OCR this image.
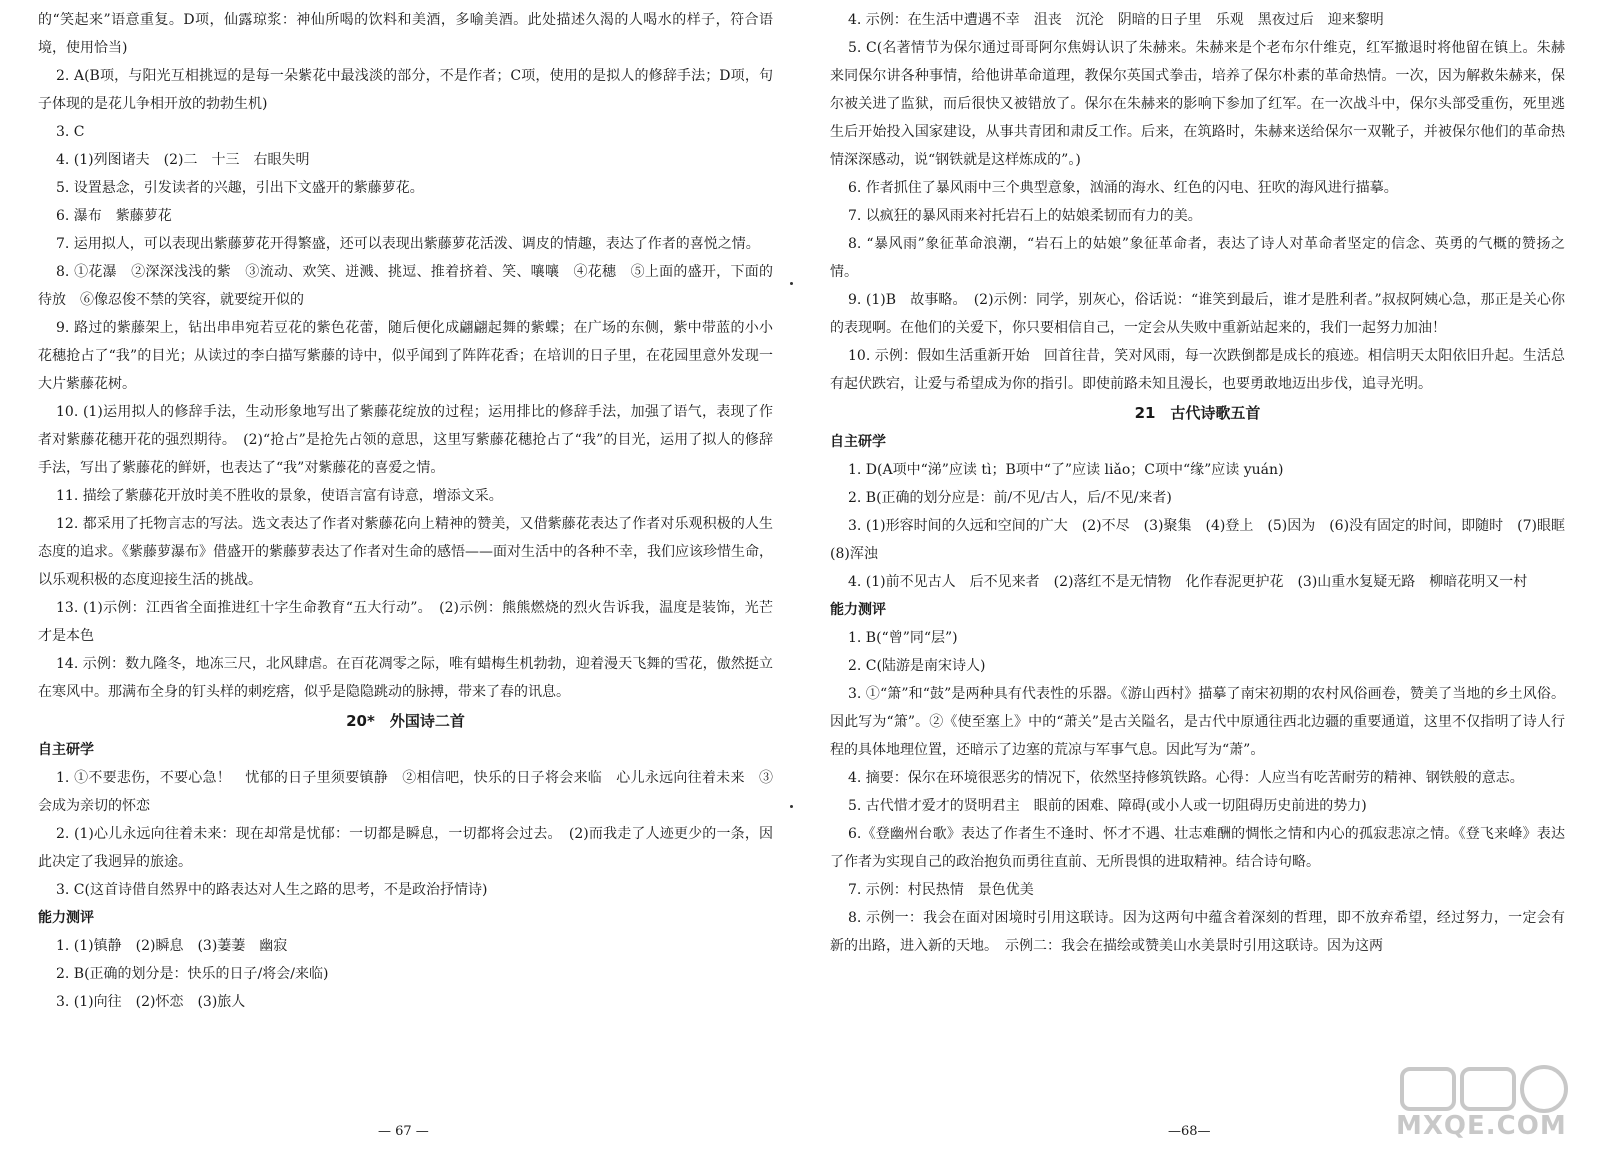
的“笑起来”语意重复。D项，仙露琼浆：神仙所喝的饮料和美酒，多喻美酒。此处描述久渴的人喝水的样子，符合语境，使用恰当)

2. A(B项，与阳光互相挑逗的是每一朵紫花中最浅淡的部分，不是作者；C项，使用的是拟人的修辞手法；D项，句子体现的是花儿争相开放的勃勃生机)

3. C

4. (1)列图诸夫　(2)二　十三　右眼失明

5. 设置悬念，引发读者的兴趣，引出下文盛开的紫藤萝花。

6. 瀑布　紫藤萝花

7. 运用拟人，可以表现出紫藤萝花开得繁盛，还可以表现出紫藤萝花活泼、调皮的情趣，表达了作者的喜悦之情。

8. ①花瀑　②深深浅浅的紫　③流动、欢笑、迸溅、挑逗、推着挤着、笑、嚷嚷　④花穗　⑤上面的盛开，下面的待放　⑥像忍俊不禁的笑容，就要绽开似的

9. 路过的紫藤架上，钻出串串宛若豆花的紫色花蕾，随后便化成翩翩起舞的紫蝶；在广场的东侧，紫中带蓝的小小花穗抢占了“我”的目光；从读过的李白描写紫藤的诗中，似乎闻到了阵阵花香；在培训的日子里，在花园里意外发现一大片紫藤花树。

10. (1)运用拟人的修辞手法，生动形象地写出了紫藤花绽放的过程；运用排比的修辞手法，加强了语气，表现了作者对紫藤花穗开花的强烈期待。　(2)“抢占”是抢先占领的意思，这里写紫藤花穗抢占了“我”的目光，运用了拟人的修辞手法，写出了紫藤花的鲜妍，也表达了“我”对紫藤花的喜爱之情。

11. 描绘了紫藤花开放时美不胜收的景象，使语言富有诗意，增添文采。

12. 都采用了托物言志的写法。选文表达了作者对紫藤花向上精神的赞美，又借紫藤花表达了作者对乐观积极的人生态度的追求。《紫藤萝瀑布》借盛开的紫藤萝表达了作者对生命的感悟——面对生活中的各种不幸，我们应该珍惜生命，以乐观积极的态度迎接生活的挑战。

13. (1)示例：江西省全面推进红十字生命教育“五大行动”。　(2)示例：熊熊燃烧的烈火告诉我，温度是装饰，光芒才是本色

14. 示例：数九隆冬，地冻三尺，北风肆虐。在百花凋零之际，唯有蜡梅生机勃勃，迎着漫天飞舞的雪花，傲然挺立在寒风中。那满布全身的钉头样的刺疙瘩，似乎是隐隐跳动的脉搏，带来了春的讯息。

20*　外国诗二首

自主研学

1. ①不要悲伤，不要心急！　忧郁的日子里须要镇静　②相信吧，快乐的日子将会来临　心儿永远向往着未来　③会成为亲切的怀恋

2. (1)心儿永远向往着未来：现在却常是忧郁：一切都是瞬息，一切都将会过去。　(2)而我走了人迹更少的一条，因此决定了我迥异的旅途。

3. C(这首诗借自然界中的路表达对人生之路的思考，不是政治抒情诗)

能力测评

1. (1)镇静　(2)瞬息　(3)萋萋　幽寂

2. B(正确的划分是：快乐的日子/将会/来临)

3. (1)向往　(2)怀恋　(3)旅人

— 67 —

4. 示例：在生活中遭遇不幸　沮丧　沉沦　阴暗的日子里　乐观　黑夜过后　迎来黎明

5. C(名著情节为保尔通过哥哥阿尔焦姆认识了朱赫来。朱赫来是个老布尔什维克，红军撤退时将他留在镇上。朱赫来同保尔讲各种事情，给他讲革命道理，教保尔英国式拳击，培养了保尔朴素的革命热情。一次，因为解救朱赫来，保尔被关进了监狱，而后很快又被错放了。保尔在朱赫来的影响下参加了红军。在一次战斗中，保尔头部受重伤，死里逃生后开始投入国家建设，从事共青团和肃反工作。后来，在筑路时，朱赫来送给保尔一双靴子，并被保尔他们的革命热情深深感动，说“钢铁就是这样炼成的”。)

6. 作者抓住了暴风雨中三个典型意象，汹涌的海水、红色的闪电、狂吹的海风进行描摹。

7. 以疯狂的暴风雨来衬托岩石上的姑娘柔韧而有力的美。

8. “暴风雨”象征革命浪潮，“岩石上的姑娘”象征革命者，表达了诗人对革命者坚定的信念、英勇的气概的赞扬之情。

9. (1)B　故事略。　(2)示例：同学，别灰心，俗话说：“谁笑到最后，谁才是胜利者。”叔叔阿姨心急，那正是关心你的表现啊。在他们的关爱下，你只要相信自己，一定会从失败中重新站起来的，我们一起努力加油！

10. 示例：假如生活重新开始　回首往昔，笑对风雨，每一次跌倒都是成长的痕迹。相信明天太阳依旧升起。生活总有起伏跌宕，让爱与希望成为你的指引。即使前路未知且漫长，也要勇敢地迈出步伐，追寻光明。

21　古代诗歌五首

自主研学

1. D(A项中“涕”应读 tì；B项中“了”应读 liǎo；C项中“缘”应读 yuán)

2. B(正确的划分应是：前/不见/古人，后/不见/来者)

3. (1)形容时间的久远和空间的广大　(2)不尽　(3)聚集　(4)登上　(5)因为　(6)没有固定的时间，即随时　(7)眼眶　(8)浑浊

4. (1)前不见古人　后不见来者　(2)落红不是无情物　化作春泥更护花　(3)山重水复疑无路　柳暗花明又一村

能力测评

1. B(“曾”同“层”)

2. C(陆游是南宋诗人)

3. ①“箫”和“鼓”是两种具有代表性的乐器。《游山西村》描摹了南宋初期的农村风俗画卷，赞美了当地的乡土风俗。因此写为“箫”。②《使至塞上》中的“萧关”是古关隘名，是古代中原通往西北边疆的重要通道，这里不仅指明了诗人行程的具体地理位置，还暗示了边塞的荒凉与军事气息。因此写为“萧”。

4. 摘要：保尔在环境很恶劣的情况下，依然坚持修筑铁路。心得：人应当有吃苦耐劳的精神、钢铁般的意志。

5. 古代惜才爱才的贤明君主　眼前的困难、障碍(或小人或一切阻碍历史前进的势力)

6.《登幽州台歌》表达了作者生不逢时、怀才不遇、壮志难酬的惆怅之情和内心的孤寂悲凉之情。《登飞来峰》表达了作者为实现自己的政治抱负而勇往直前、无所畏惧的进取精神。结合诗句略。

7. 示例：村民热情　景色优美

8. 示例一：我会在面对困境时引用这联诗。因为这两句中蕴含着深刻的哲理，即不放弃希望，经过努力，一定会有新的出路，进入新的天地。　示例二：我会在描绘或赞美山水美景时引用这联诗。因为这两

—68—	MXQE.COM
